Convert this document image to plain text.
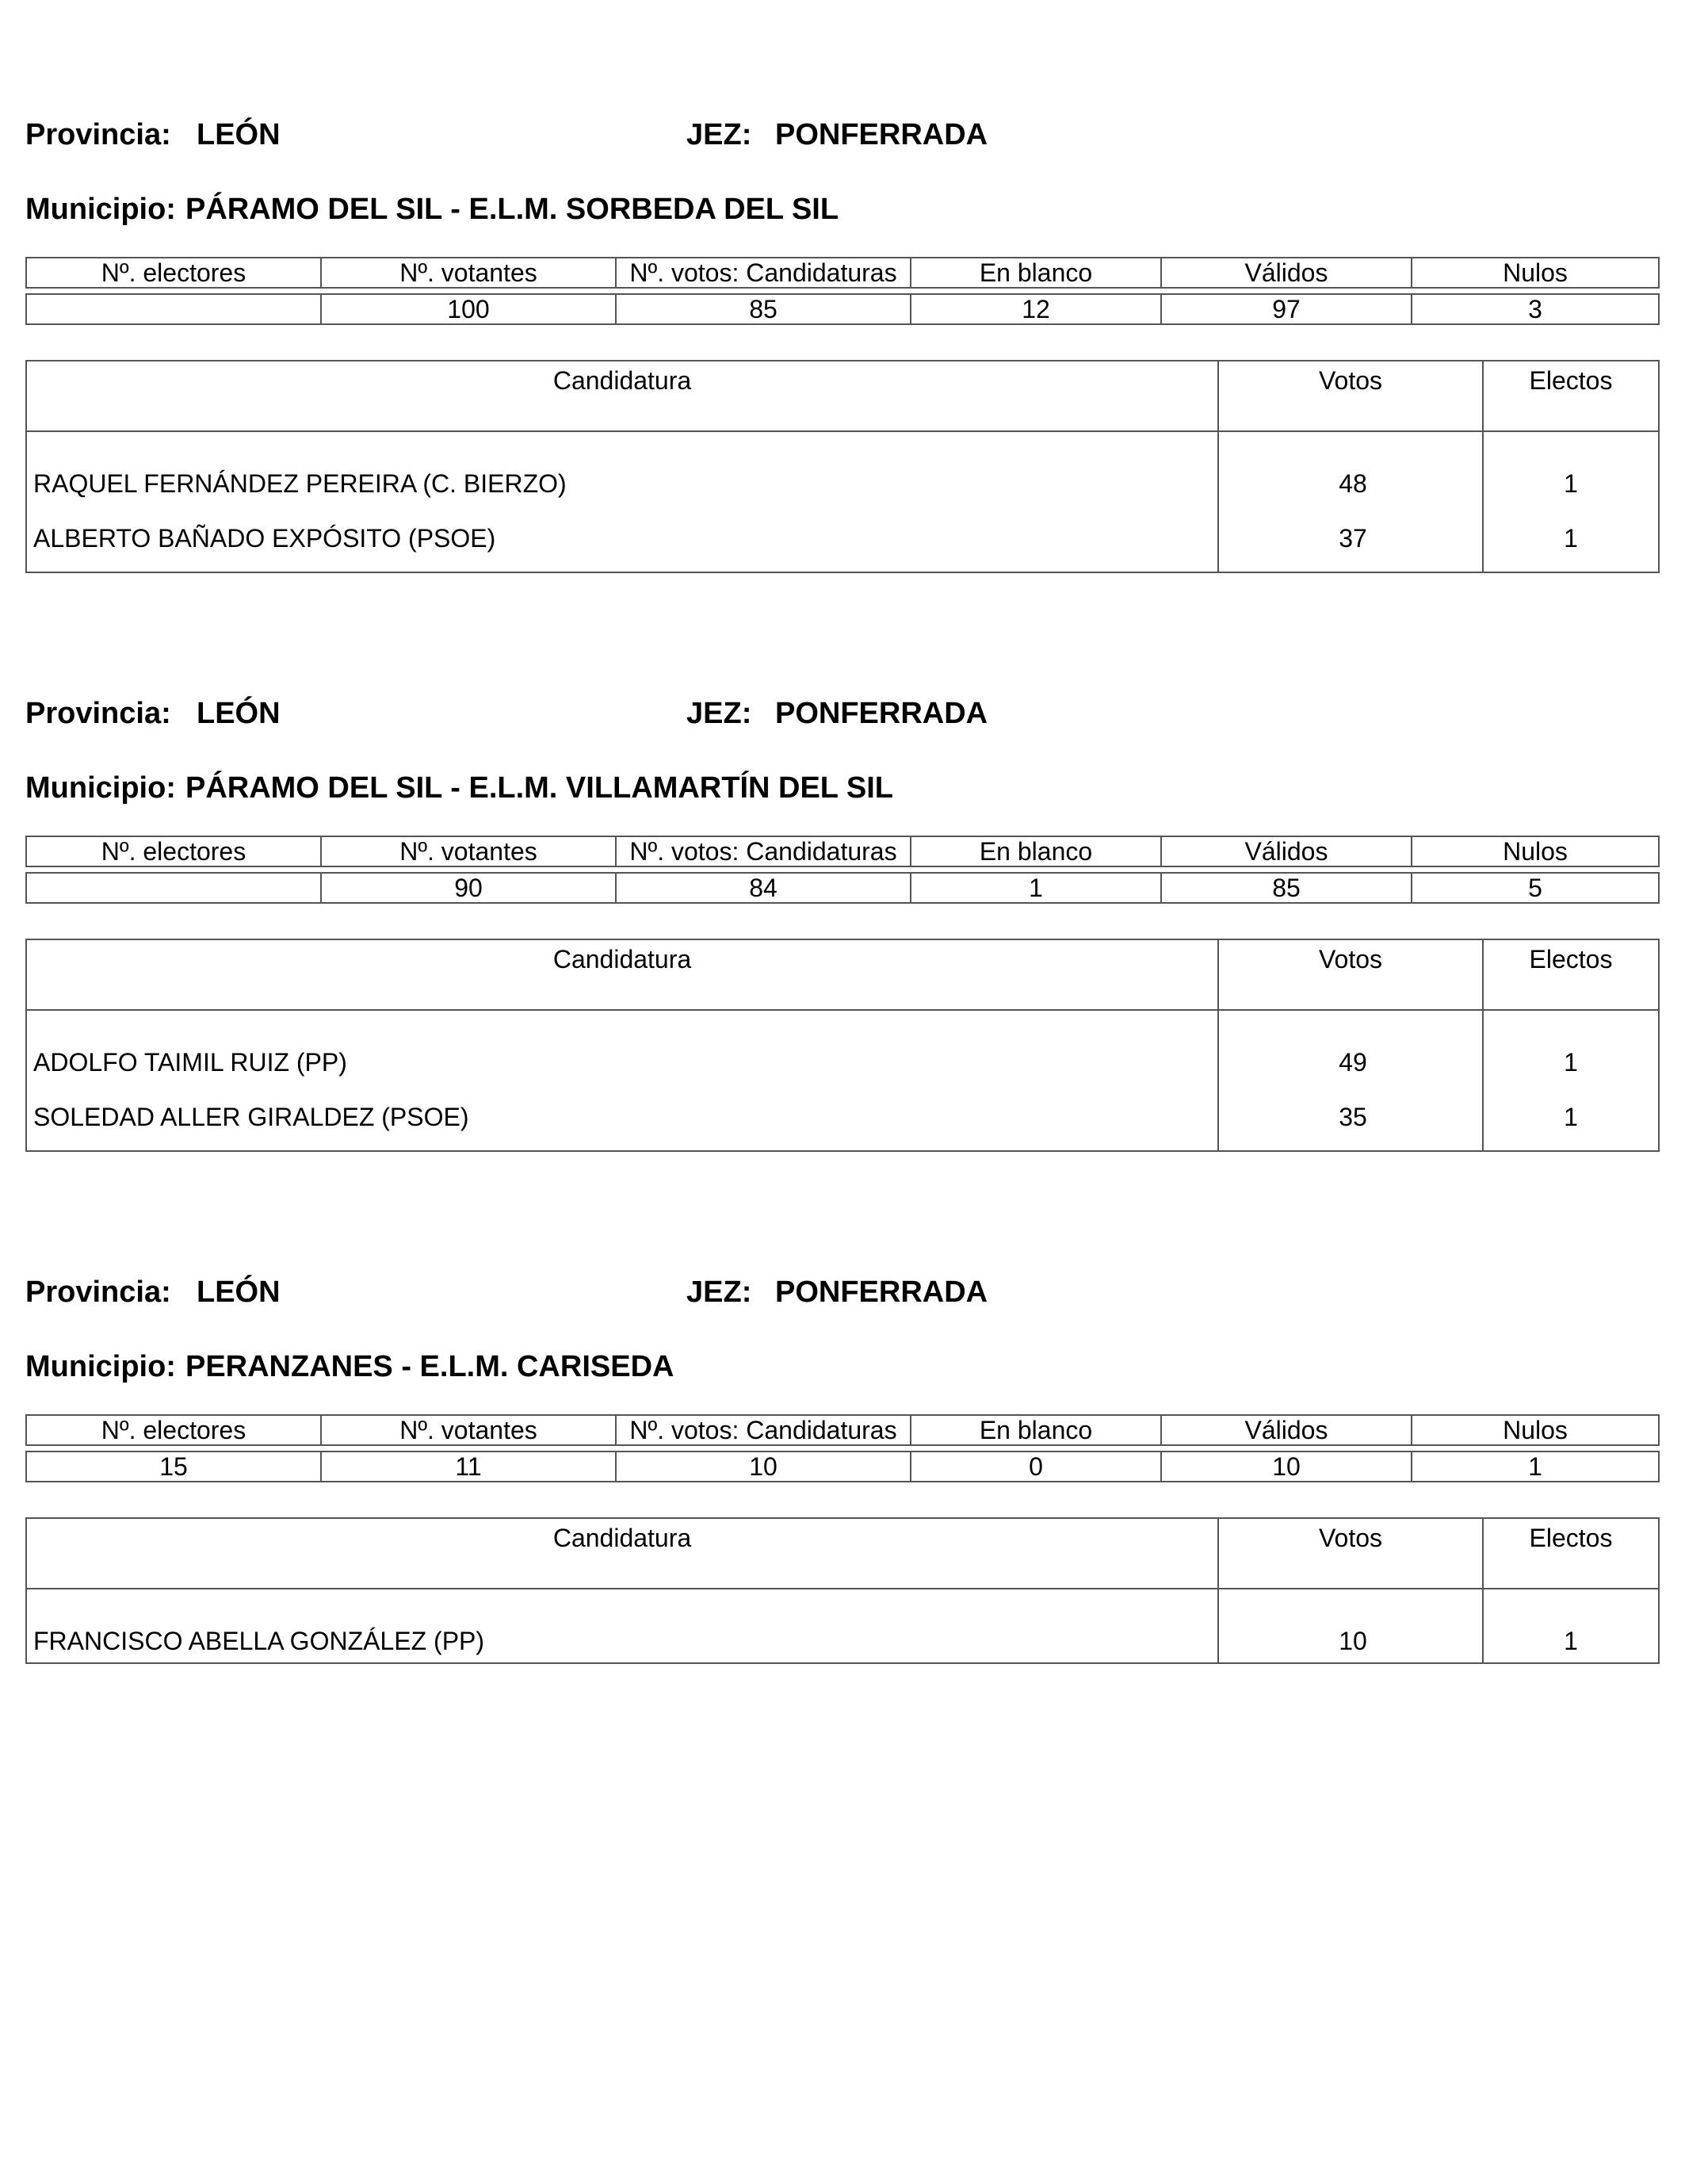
Provincia: LEÓN	JEZ: PONFERRADA
Municipio: PÁRAMO DEL SIL - E.L.M. SORBEDA DEL SIL
Nº. electores	Nº. votantes	Nº. votos: Candidaturas	En blanco	Válidos	Nulos

	100	85	12	97	3
Candidatura	Votos	Electos
RAQUEL FERNÁNDEZ PEREIRA (C. BIERZO)	48	1
ALBERTO BAÑADO EXPÓSITO (PSOE)	37	1
Provincia: LEÓN	JEZ: PONFERRADA
Municipio: PÁRAMO DEL SIL - E.L.M. VILLAMARTÍN DEL SIL
Nº. electores	Nº. votantes	Nº. votos: Candidaturas	En blanco	Válidos	Nulos

	90	84	1	85	5
Candidatura	Votos	Electos
ADOLFO TAIMIL RUIZ (PP)	49	1
SOLEDAD ALLER GIRALDEZ (PSOE)	35	1
Provincia: LEÓN	JEZ: PONFERRADA
Municipio: PERANZANES - E.L.M. CARISEDA
Nº. electores	Nº. votantes	Nº. votos: Candidaturas	En blanco	Válidos	Nulos

15	11	10	0	10	1
Candidatura	Votos	Electos
FRANCISCO ABELLA GONZÁLEZ (PP)	10	1
